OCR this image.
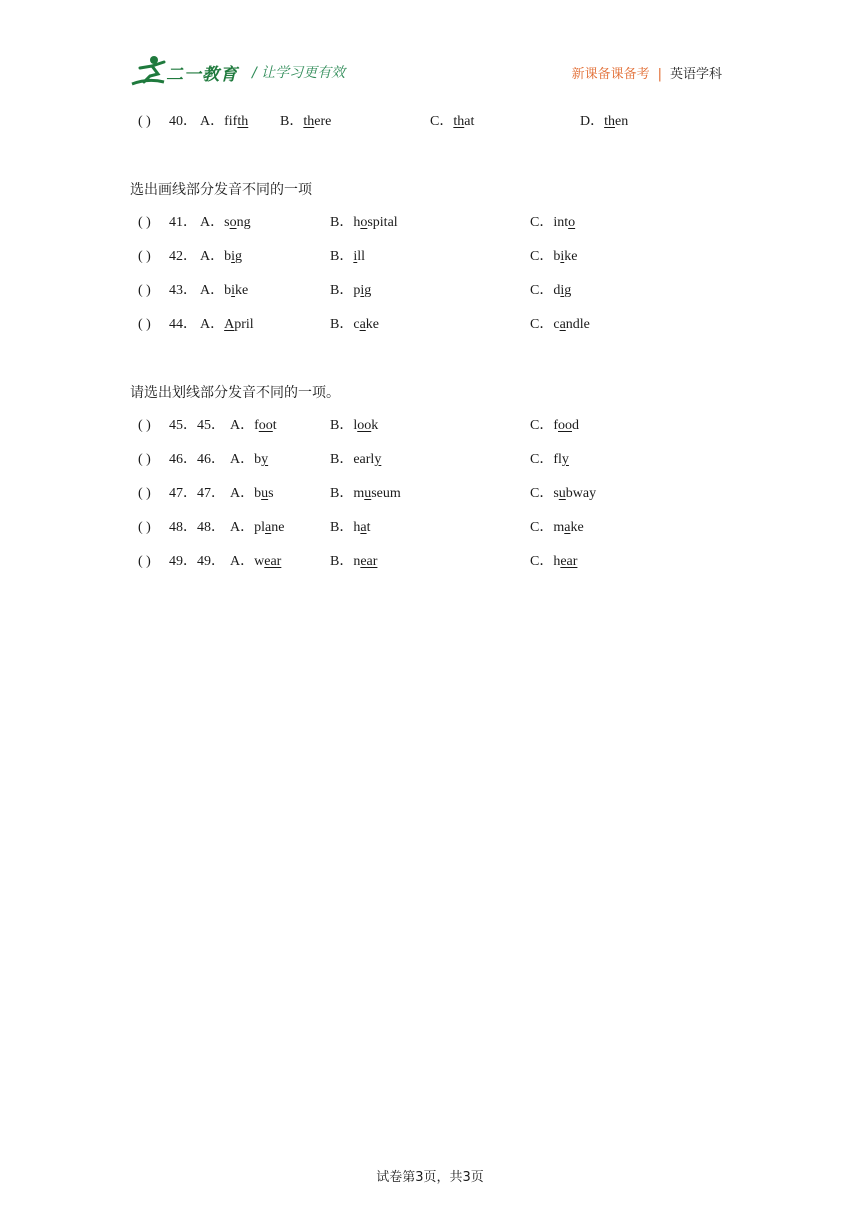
二一教育 / 让学习更有效	新课备课备考 | 英语学科
( ) 40． A．fifth B．there	C．that	D．then
选出画线部分发音不同的一项
( ) 41． A．song	B．hospital	C．into
( ) 42． A．big	B．ill	C．bike
( ) 43． A．bike	B．pig	C．dig
( ) 44． A．April	B．cake	C．candle
请选出划线部分发音不同的一项。
( ) 45．45． A．foot	B．look	C．food
( ) 46．46． A．by	B．early	C．fly
( ) 47．47． A．bus	B．museum	C．subway
( ) 48．48． A．plane	B．hat	C．make
( ) 49．49． A．wear	B．near	C．hear
试卷第3页，共3页
